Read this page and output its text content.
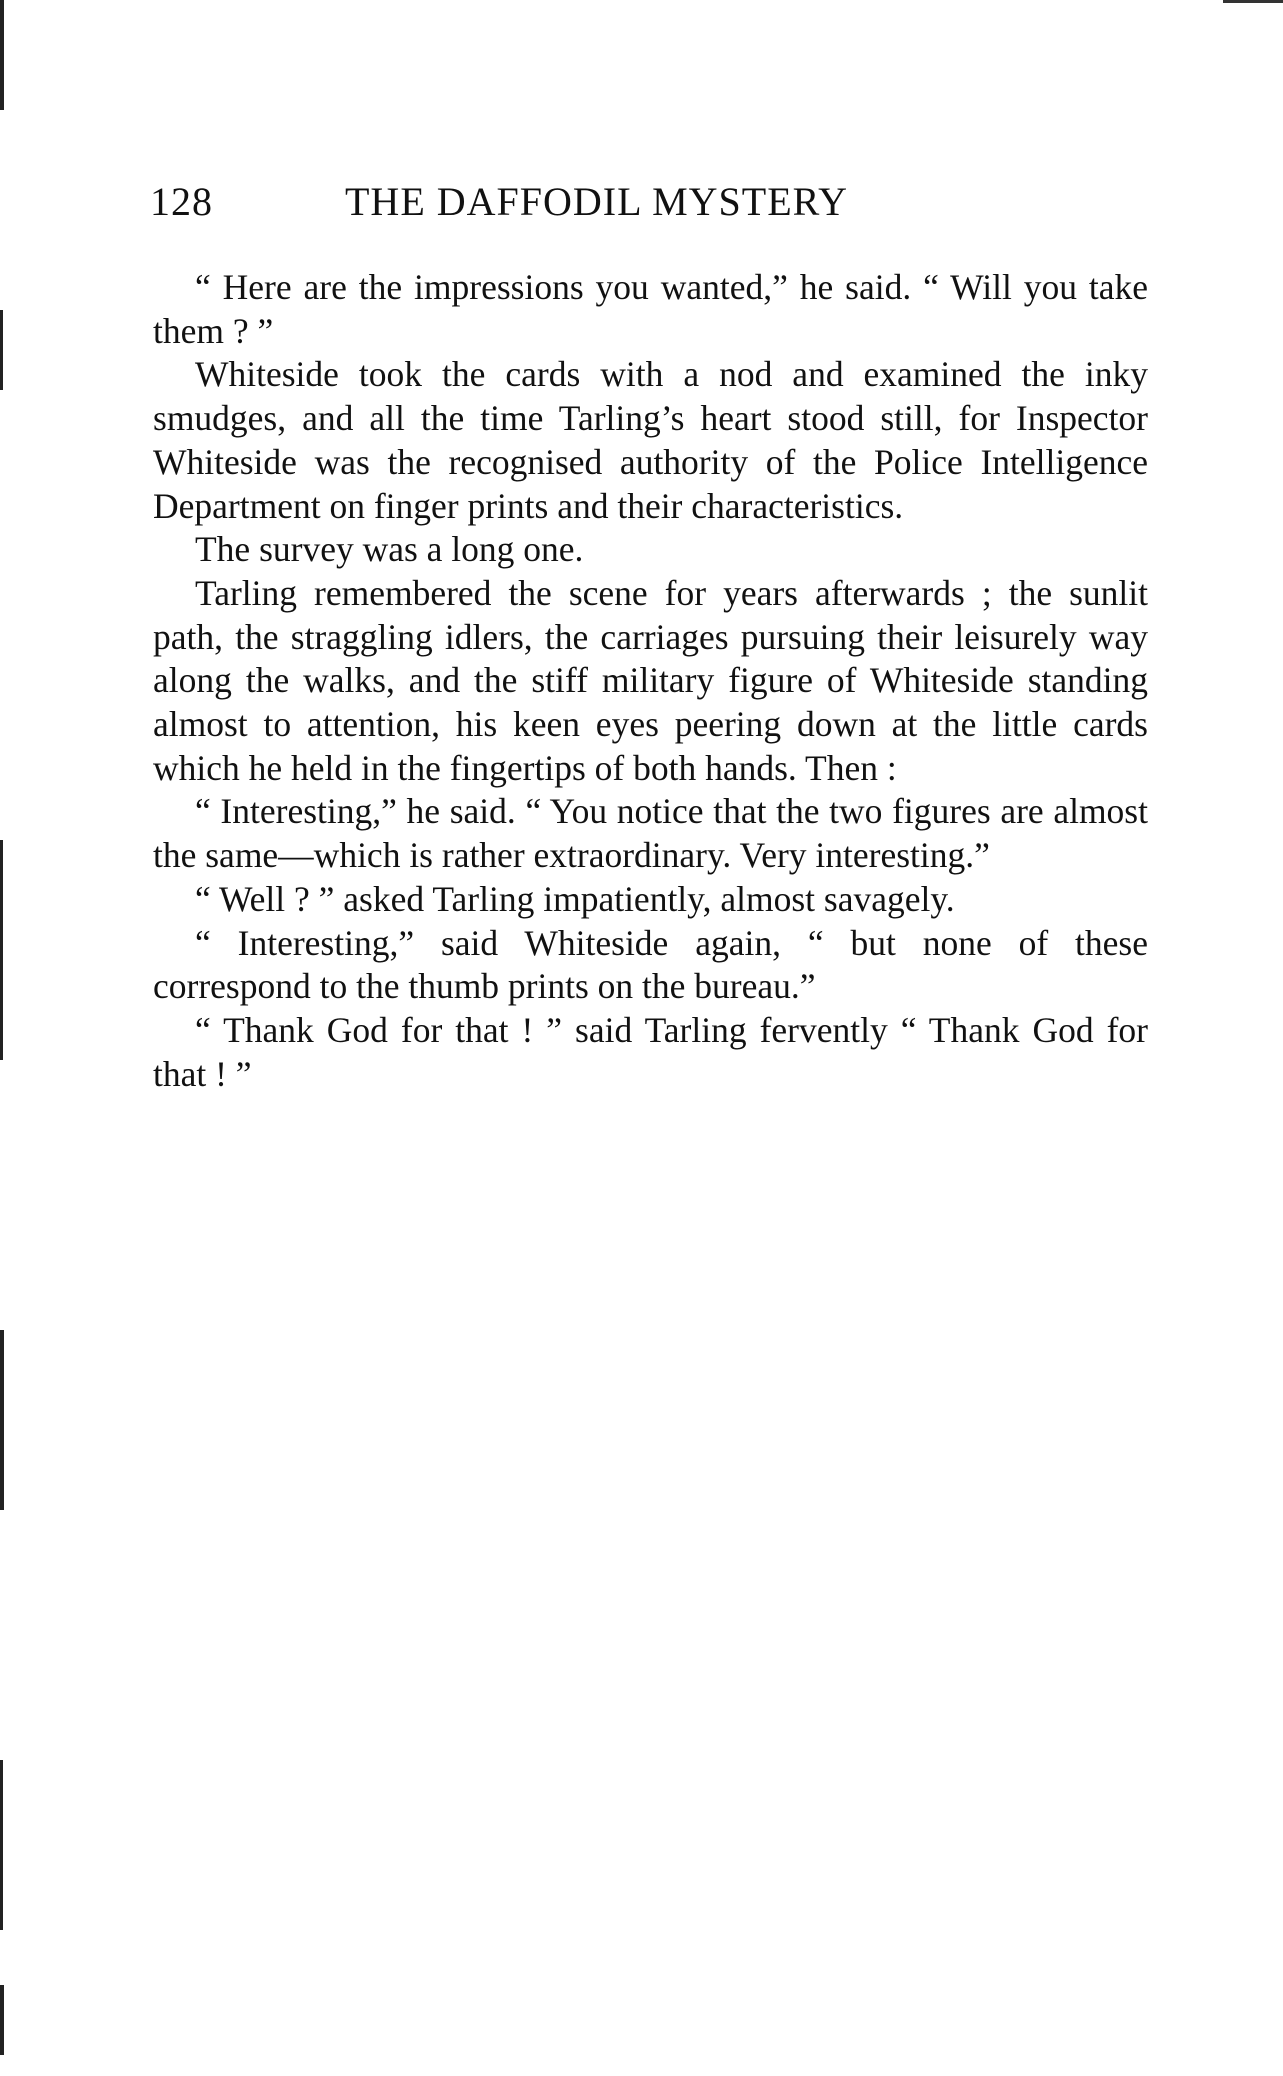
128	THE DAFFODIL MYSTERY

“ Here are the impressions you wanted,” he said. “ Will you take them ? ”

Whiteside took the cards with a nod and examined the inky smudges, and all the time Tarling’s heart stood still, for Inspector Whiteside was the recognised authority of the Police Intelligence Department on finger prints and their characteristics.

The survey was a long one.

Tarling remembered the scene for years afterwards ; the sunlit path, the straggling idlers, the carriages pursuing their leisurely way along the walks, and the stiff military figure of Whiteside standing almost to attention, his keen eyes peering down at the little cards which he held in the fingertips of both hands. Then :

“ Interesting,” he said. “ You notice that the two figures are almost the same—which is rather extraordinary. Very interesting.”

“ Well ? ” asked Tarling impatiently, almost savagely.

“ Interesting,” said Whiteside again, “ but none of these correspond to the thumb prints on the bureau.”

“ Thank God for that ! ” said Tarling fervently “ Thank God for that ! ”
